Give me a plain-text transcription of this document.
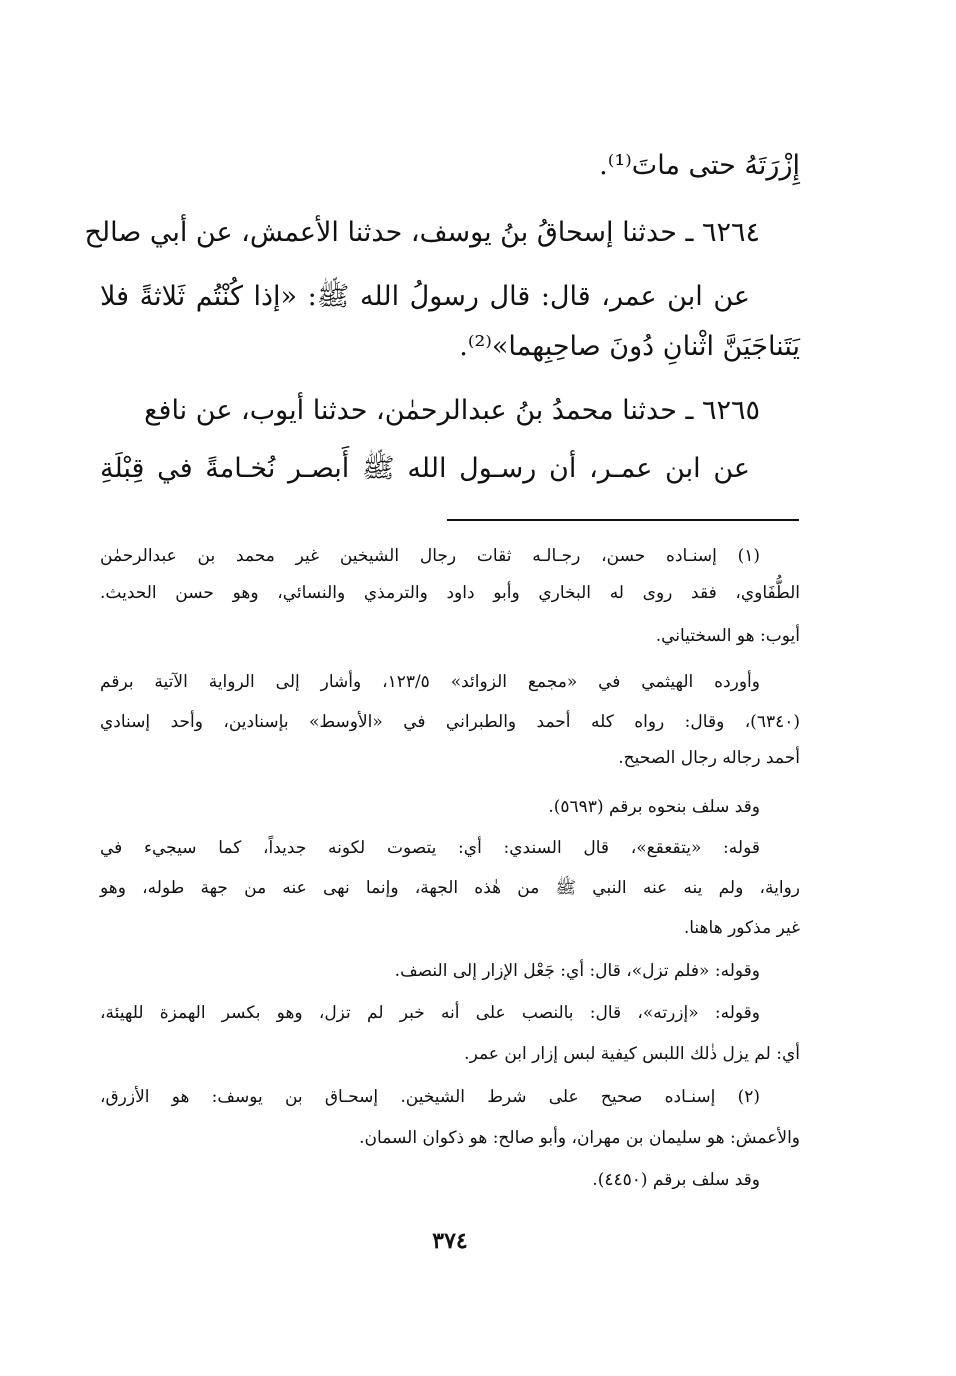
إِزْرَتَهُ حتى ماتَ⁽¹⁾.
٦٢٦٤ ـ حدثنا إسحاقُ بنُ يوسف، حدثنا الأعمش، عن أبي صالح
عن ابن عمر، قال: قال رسولُ الله ﷺ: «إذا كُنْتُم ثَلاثةً فلا
يَتَناجَيَنَّ اثْنانِ دُونَ صاحِبِهما»⁽²⁾.
٦٢٦٥ ـ حدثنا محمدُ بنُ عبدالرحمٰن، حدثنا أيوب، عن نافع
عن ابن عمـر، أن رسـول الله ﷺ أَبصـر نُخـامةً في قِبْلَةِ
(١) إسنـاده حسن، رجـالـه ثقات رجال الشيخين غير محمد بن عبدالرحمٰن
الطُّفَاوي، فقد روى له البخاري وأبو داود والترمذي والنسائي، وهو حسن الحديث.
أيوب: هو السختياني.
وأورده الهيثمي في «مجمع الزوائد» ١٢٣/٥، وأشار إلى الرواية الآتية برقم
(٦٣٤٠)، وقال: رواه كله أحمد والطبراني في «الأوسط» بإسنادين، وأحد إسنادي
أحمد رجاله رجال الصحيح.
وقد سلف بنحوه برقم (٥٦٩٣).
قوله: «يتقعقع»، قال السندي: أي: يتصوت لكونه جديداً، كما سيجيء في
رواية، ولم ينه عنه النبي ﷺ من هٰذه الجهة، وإنما نهى عنه من جهة طوله، وهو
غير مذكور هاهنا.
وقوله: «فلم تزل»، قال: أي: جَعْل الإزار إلى النصف.
وقوله: «إزرته»، قال: بالنصب على أنه خبر لم تزل، وهو بكسر الهمزة للهيئة،
أي: لم يزل ذٰلك اللبس كيفية لبس إزار ابن عمر.
(٢) إسنـاده صحيح على شرط الشيخين. إسحـاق بن يوسف: هو الأزرق،
والأعمش: هو سليمان بن مهران، وأبو صالح: هو ذكوان السمان.
وقد سلف برقم (٤٤٥٠).
٣٧٤
